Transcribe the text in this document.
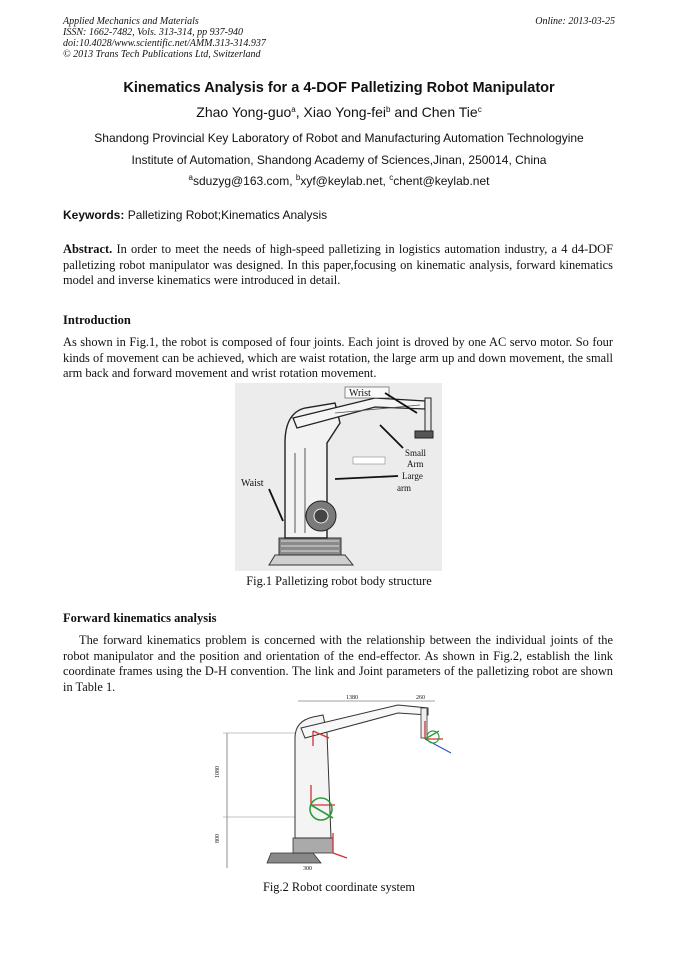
Applied Mechanics and Materials
ISSN: 1662-7482, Vols. 313-314, pp 937-940
doi:10.4028/www.scientific.net/AMM.313-314.937
© 2013 Trans Tech Publications Ltd, Switzerland
Online: 2013-03-25
Kinematics Analysis for a 4-DOF Palletizing Robot Manipulator
Zhao Yong-guo$^a$, Xiao Yong-fei$^b$ and Chen Tie$^c$
Shandong Provincial Key Laboratory of Robot and Manufacturing Automation Technologyine
Institute of Automation, Shandong Academy of Sciences,Jinan, 250014, China
$^a$sduzyg@163.com, $^b$xyf@keylab.net, $^c$chent@keylab.net
Keywords: Palletizing Robot;Kinematics Analysis
Abstract. In order to meet the needs of high-speed palletizing in logistics automation industry, a 4 d4-DOF palletizing robot manipulator was designed. In this paper,focusing on kinematic analysis, forward kinematics model and inverse kinematics were introduced in detail.
Introduction
As shown in Fig.1, the robot is composed of four joints. Each joint is droved by one AC servo motor. So four kinds of movement can be achieved, which are waist rotation, the large arm up and down movement, the small arm back and forward movement and wrist rotation movement.
Wrist
Small
Arm
Large
arm
Waist
Fig.1 Palletizing robot body structure
Forward kinematics analysis
The forward kinematics problem is concerned with the relationship between the individual joints of the robot manipulator and the position and orientation of the end-effector. As shown in Fig.2, establish the link coordinate frames using the D-H convention. The link and Joint parameters of the palletizing robot are shown in Table 1.
1380	260
1080
800
300
Fig.2 Robot coordinate system
